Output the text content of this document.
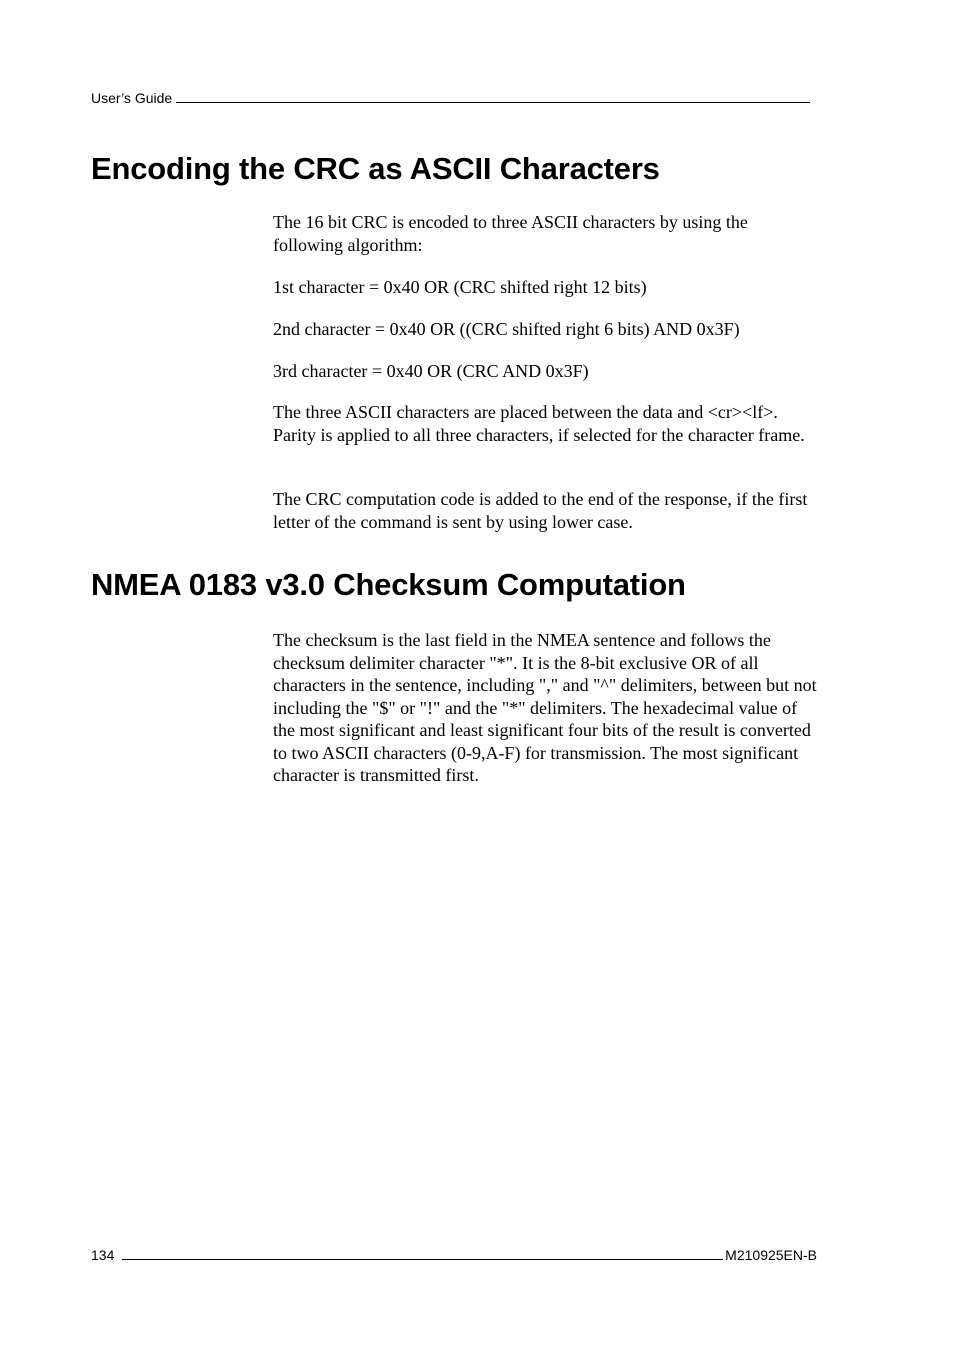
User’s Guide
Encoding the CRC as ASCII Characters

The 16 bit CRC is encoded to three ASCII characters by using the following algorithm:

1st character = 0x40 OR (CRC shifted right 12 bits)

2nd character = 0x40 OR ((CRC shifted right 6 bits) AND 0x3F)

3rd character = 0x40 OR (CRC AND 0x3F)

The three ASCII characters are placed between the data and <cr><lf>. Parity is applied to all three characters, if selected for the character frame.

The CRC computation code is added to the end of the response, if the first letter of the command is sent by using lower case.

NMEA 0183 v3.0 Checksum Computation

The checksum is the last field in the NMEA sentence and follows the checksum delimiter character "*". It is the 8-bit exclusive OR of all characters in the sentence, including "," and "^" delimiters, between but not including the "$" or "!" and the "*" delimiters. The hexadecimal value of the most significant and least significant four bits of the result is converted to two ASCII characters (0-9,A-F) for transmission. The most significant character is transmitted first.

134	M210925EN-B
